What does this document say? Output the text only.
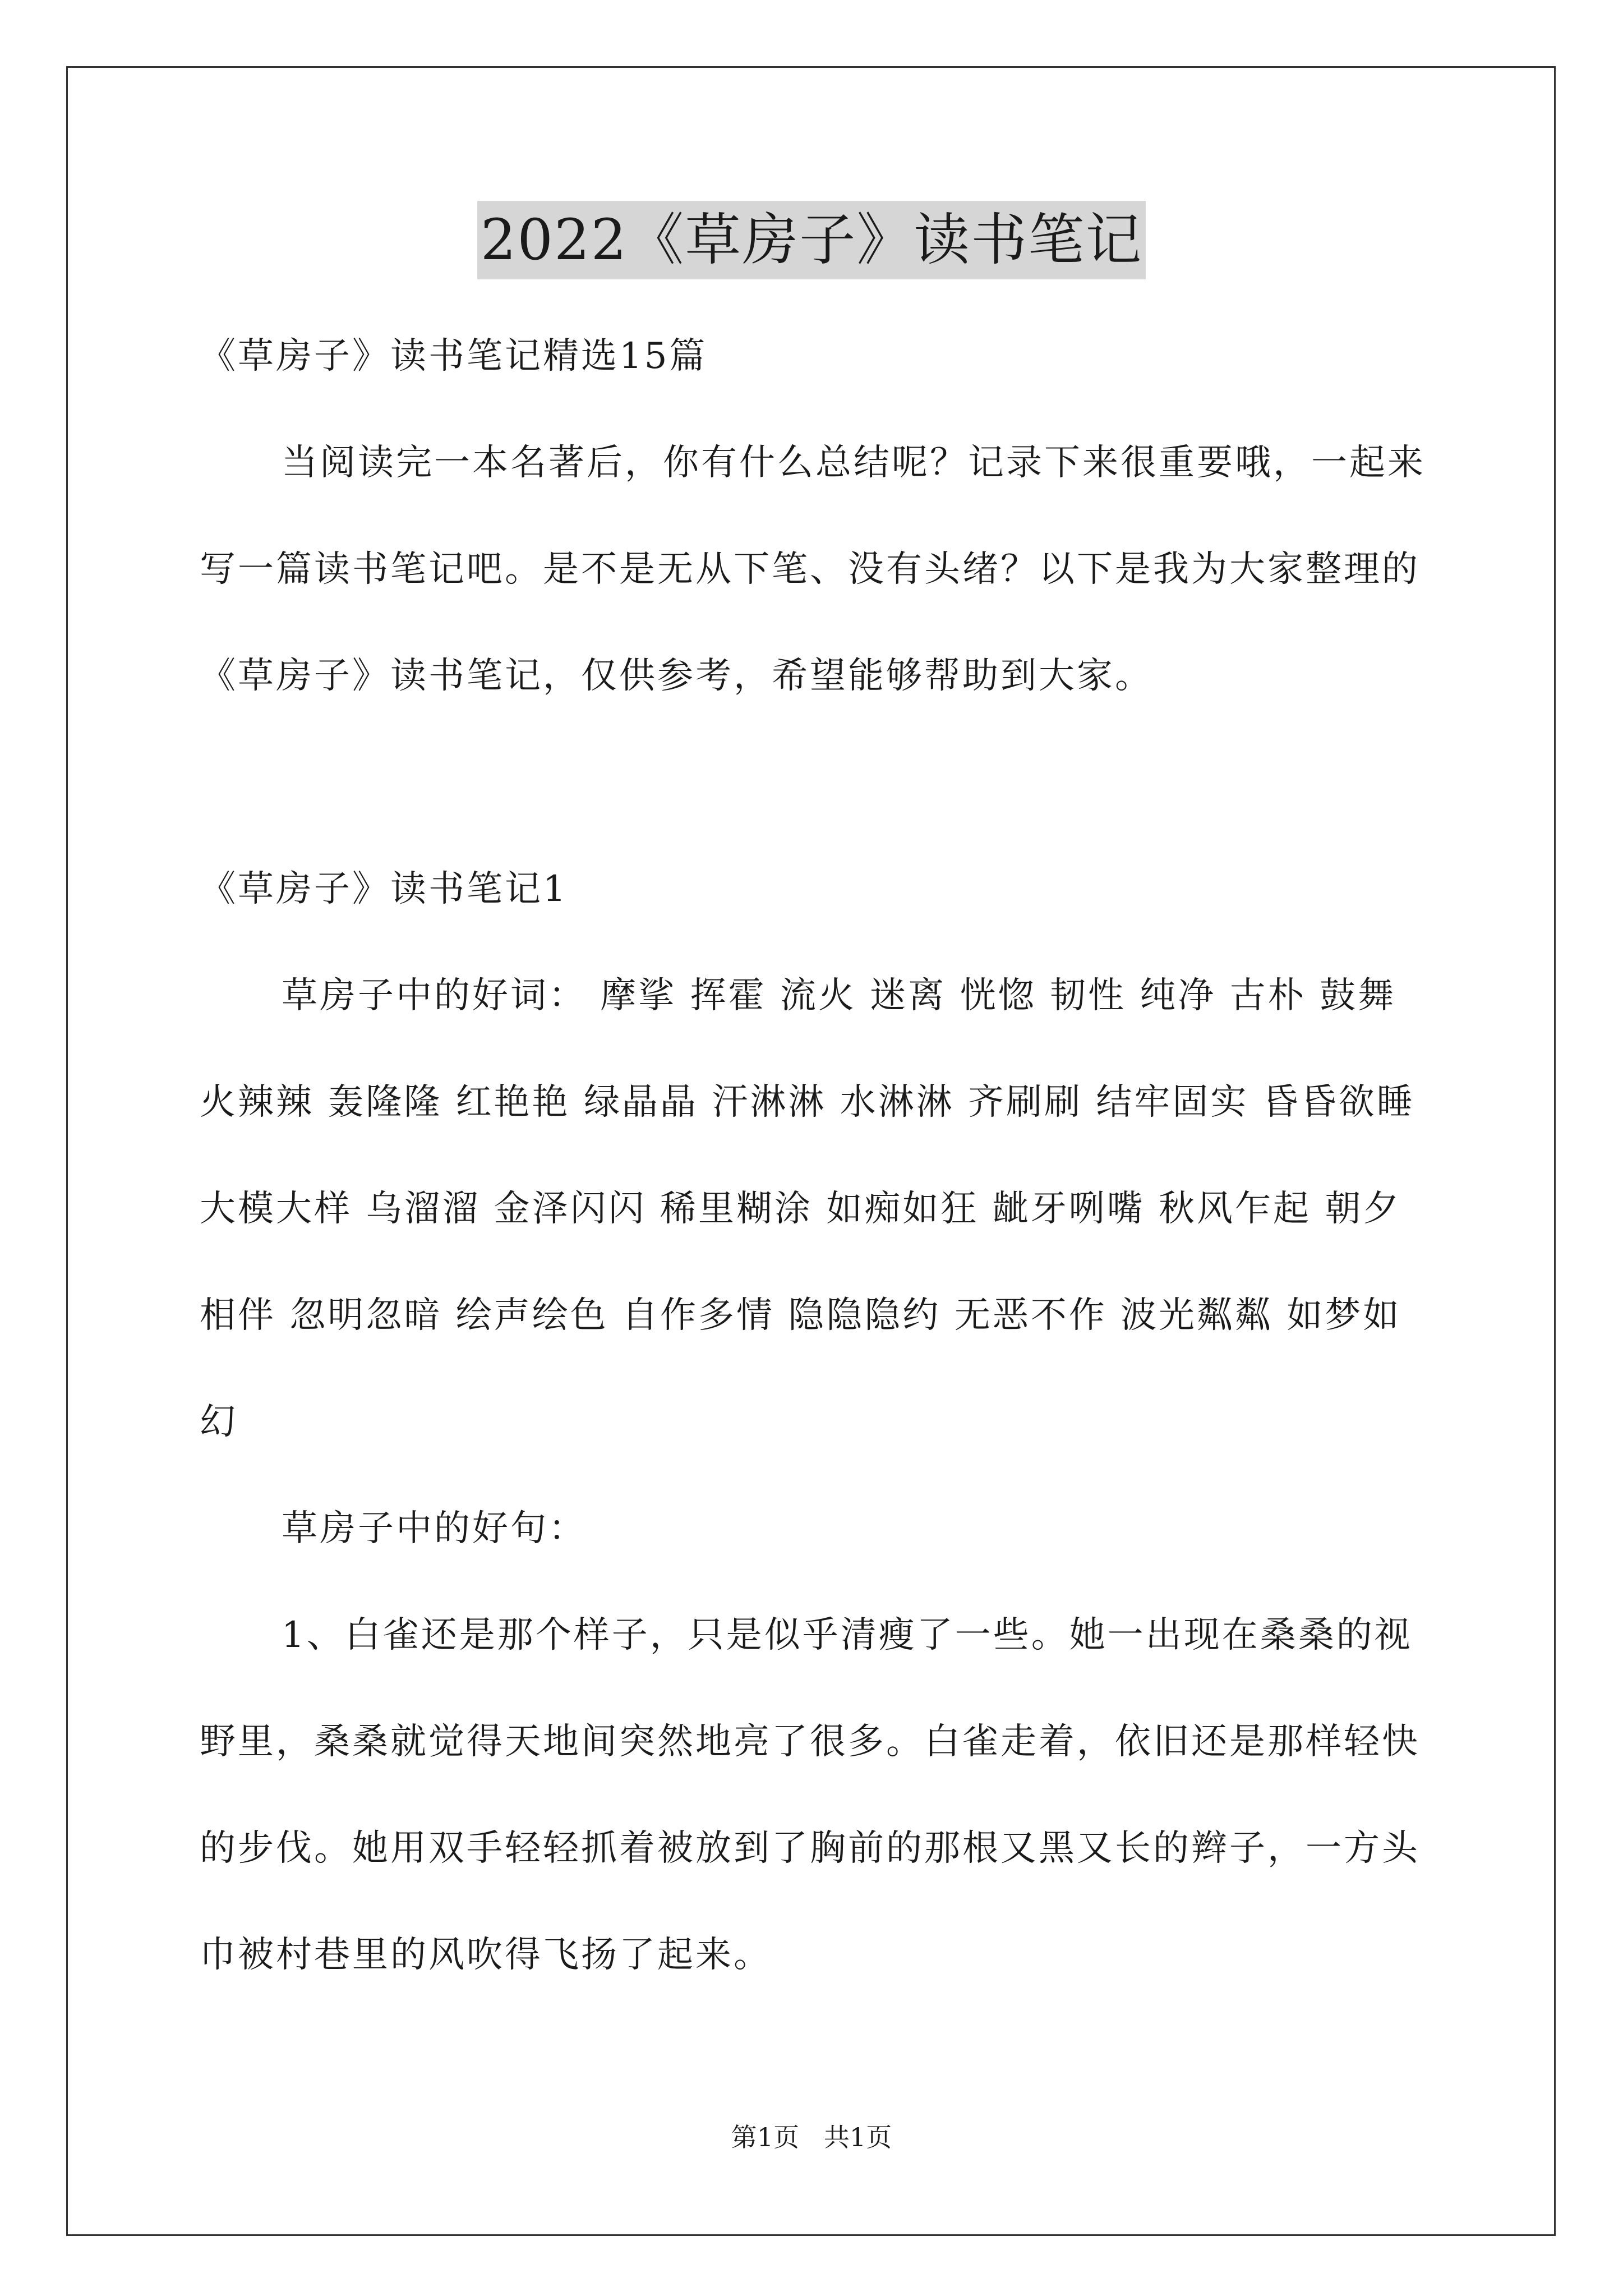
2022《草房子》读书笔记

《草房子》读书笔记精选15篇

当阅读完一本名著后，你有什么总结呢？记录下来很重要哦，一起来写一篇读书笔记吧。是不是无从下笔、没有头绪？以下是我为大家整理的《草房子》读书笔记，仅供参考，希望能够帮助到大家。

《草房子》读书笔记1

草房子中的好词： 摩挲 挥霍 流火 迷离 恍惚 韧性 纯净 古朴 鼓舞 火辣辣 轰隆隆 红艳艳 绿晶晶 汗淋淋 水淋淋 齐刷刷 结牢固实 昏昏欲睡 大模大样 乌溜溜 金泽闪闪 稀里糊涂 如痴如狂 龇牙咧嘴 秋风乍起 朝夕相伴 忽明忽暗 绘声绘色 自作多情 隐隐隐约 无恶不作 波光粼粼 如梦如幻

草房子中的好句：

1、白雀还是那个样子，只是似乎清瘦了一些。她一出现在桑桑的视野里，桑桑就觉得天地间突然地亮了很多。白雀走着，依旧还是那样轻快的步伐。她用双手轻轻抓着被放到了胸前的那根又黑又长的辫子，一方头巾被村巷里的风吹得飞扬了起来。

第1页   共1页
